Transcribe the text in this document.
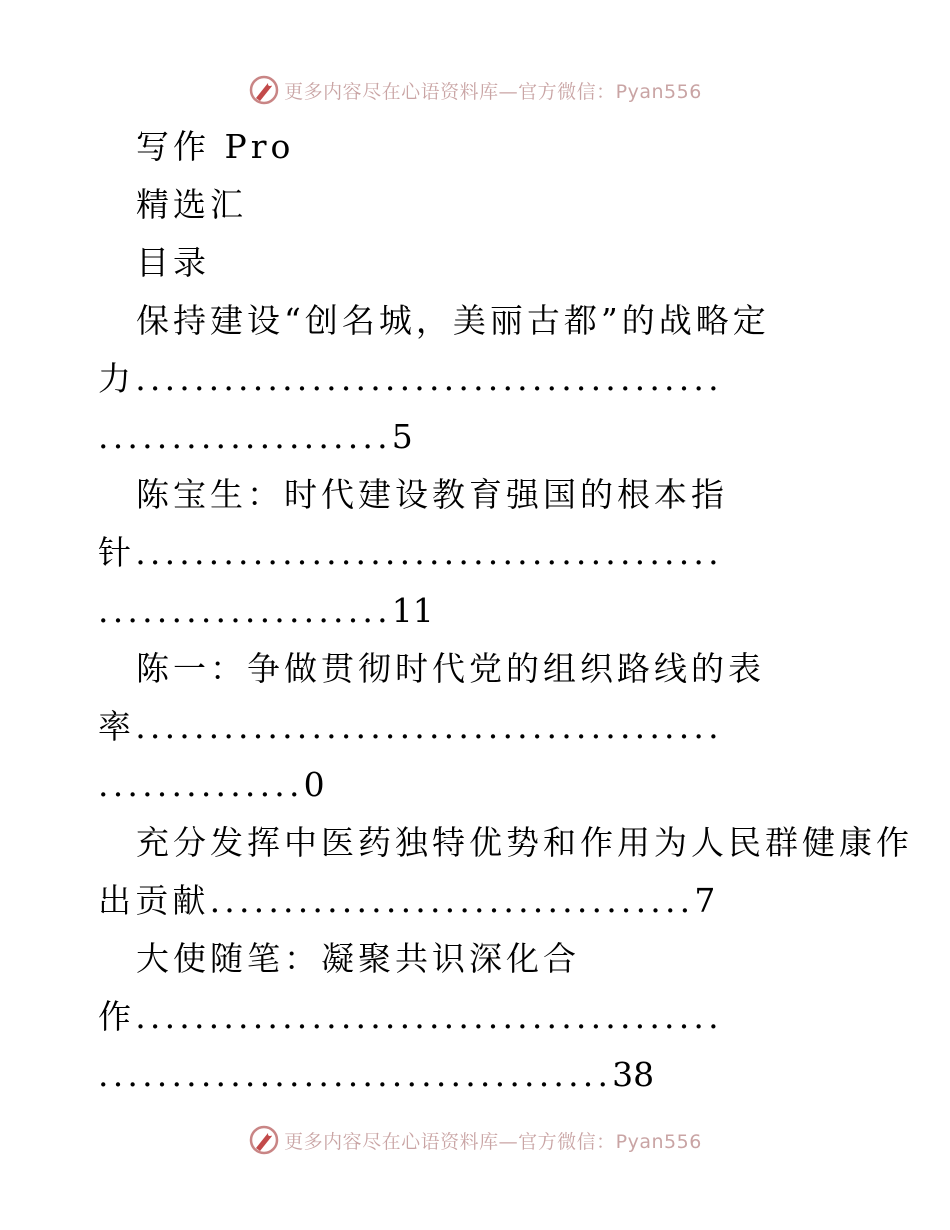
更多内容尽在心语资料库—官方微信：Pyan556
写作 Pro
精选汇
目录
保持建设“创名城，美丽古都”的战略定
力........................................
.................... 5
陈宝生：时代建设教育强国的根本指
针........................................
.................... 11
陈一：争做贯彻时代党的组织路线的表
率........................................
.............. 0
充分发挥中医药独特优势和作用为人民群健康作
出贡献................................. 7
大使随笔：凝聚共识深化合
作........................................
................................... 38
更多内容尽在心语资料库—官方微信：Pyan556
